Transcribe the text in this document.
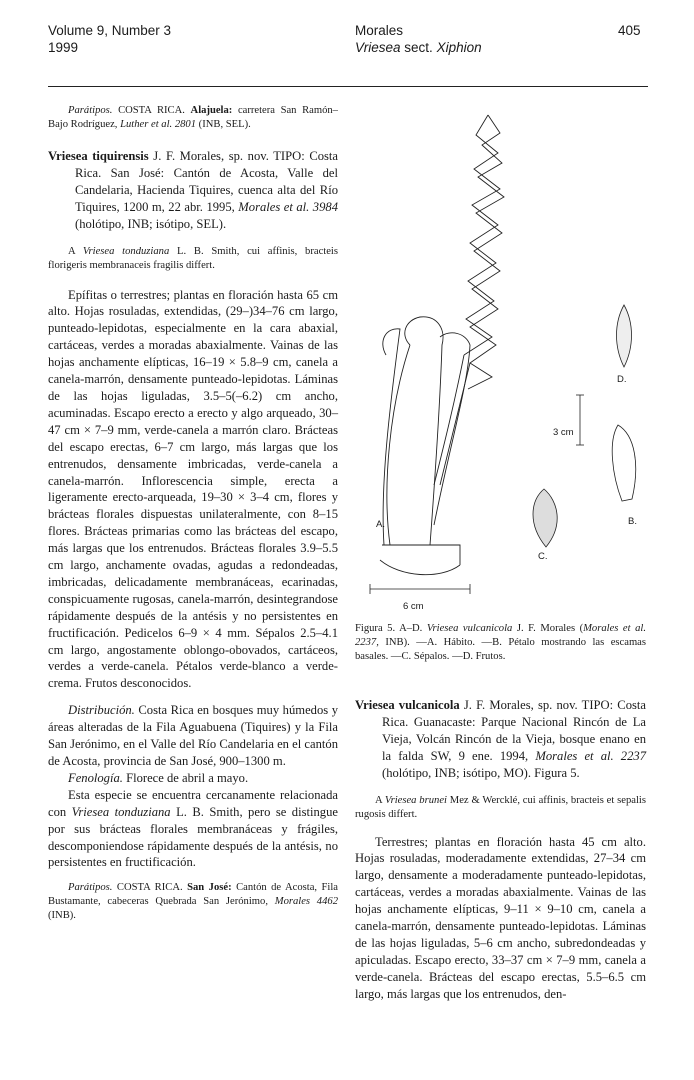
Volume 9, Number 3
1999
Morales
Vriesea sect. Xiphion
405

Parátipos. COSTA RICA. Alajuela: carretera San Ramón–Bajo Rodríguez, Luther et al. 2801 (INB, SEL).

Vriesea tiquirensis J. F. Morales, sp. nov. TIPO: Costa Rica. San José: Cantón de Acosta, Valle del Candelaria, Hacienda Tiquires, cuenca alta del Río Tiquires, 1200 m, 22 abr. 1995, Morales et al. 3984 (holótipo, INB; isótipo, SEL).

A Vriesea tonduziana L. B. Smith, cui affinis, bracteis florigeris membranaceis fragilis differt.

Epífitas o terrestres; plantas en floración hasta 65 cm alto. Hojas rosuladas, extendidas, (29–)34–76 cm largo, punteado-lepidotas, especialmente en la cara abaxial, cartáceas, verdes a moradas abaxialmente. Vainas de las hojas anchamente elípticas, 16–19 × 5.8–9 cm, canela a canela-marrón, densamente punteado-lepidotas. Láminas de las hojas liguladas, 3.5–5(–6.2) cm ancho, acuminadas. Escapo erecto a erecto y algo arqueado, 30–47 cm × 7–9 mm, verde-canela a marrón claro. Brácteas del escapo erectas, 6–7 cm largo, más largas que los entrenudos, densamente imbricadas, verde-canela a canela-marrón. Inflorescencia simple, erecta a ligeramente erecto-arqueada, 19–30 × 3–4 cm, flores y brácteas florales dispuestas unilateralmente, con 8–15 flores. Brácteas primarias como las brácteas del escapo, más largas que los entrenudos. Brácteas florales 3.9–5.5 cm largo, anchamente ovadas, agudas a redondeadas, imbricadas, delicadamente membranáceas, ecarinadas, conspicuamente rugosas, canela-marrón, desintegrandose rápidamente después de la antésis y no persistentes en fructificación. Pedicelos 6–9 × 4 mm. Sépalos 2.5–4.1 cm largo, angostamente oblongo-obovados, cartáceos, verdes a verde-canela. Pétalos verde-blanco a verde-crema. Frutos desconocidos.

Distribución. Costa Rica en bosques muy húmedos y áreas alteradas de la Fila Aguabuena (Tiquires) y la Fila San Jerónimo, en el Valle del Río Candelaria en el cantón de Acosta, provincia de San José, 900–1300 m.

Fenología. Florece de abril a mayo.

Esta especie se encuentra cercanamente relacionada con Vriesea tonduziana L. B. Smith, pero se distingue por sus brácteas florales membranáceas y frágiles, descomponiendose rápidamente después de la antésis, no persistentes en fructificación.

Parátipos. COSTA RICA. San José: Cantón de Acosta, Fila Bustamante, cabeceras Quebrada San Jerónimo, Morales 4462 (INB).

A.	B.
C.
D.
3 cm
6 cm
Figura 5. A–D. Vriesea vulcanicola J. F. Morales (Morales et al. 2237, INB). —A. Hábito. —B. Pétalo mostrando las escamas basales. —C. Sépalos. —D. Frutos.

Vriesea vulcanicola J. F. Morales, sp. nov. TIPO: Costa Rica. Guanacaste: Parque Nacional Rincón de La Vieja, Volcán Rincón de la Vieja, bosque enano en la falda SW, 9 ene. 1994, Morales et al. 2237 (holótipo, INB; isótipo, MO). Figura 5.

A Vriesea brunei Mez & Wercklé, cui affinis, bracteis et sepalis rugosis differt.

Terrestres; plantas en floración hasta 45 cm alto. Hojas rosuladas, moderadamente extendidas, 27–34 cm largo, densamente a moderadamente punteado-lepidotas, cartáceas, verdes a moradas abaxialmente. Vainas de las hojas anchamente elípticas, 9–11 × 9–10 cm, canela a canela-marrón, densamente punteado-lepidotas. Láminas de las hojas liguladas, 5–6 cm ancho, subredondeadas y apiculadas. Escapo erecto, 33–37 cm × 7–9 mm, canela a verde-canela. Brácteas del escapo erectas, 5.5–6.5 cm largo, más largas que los entrenudos, den-
